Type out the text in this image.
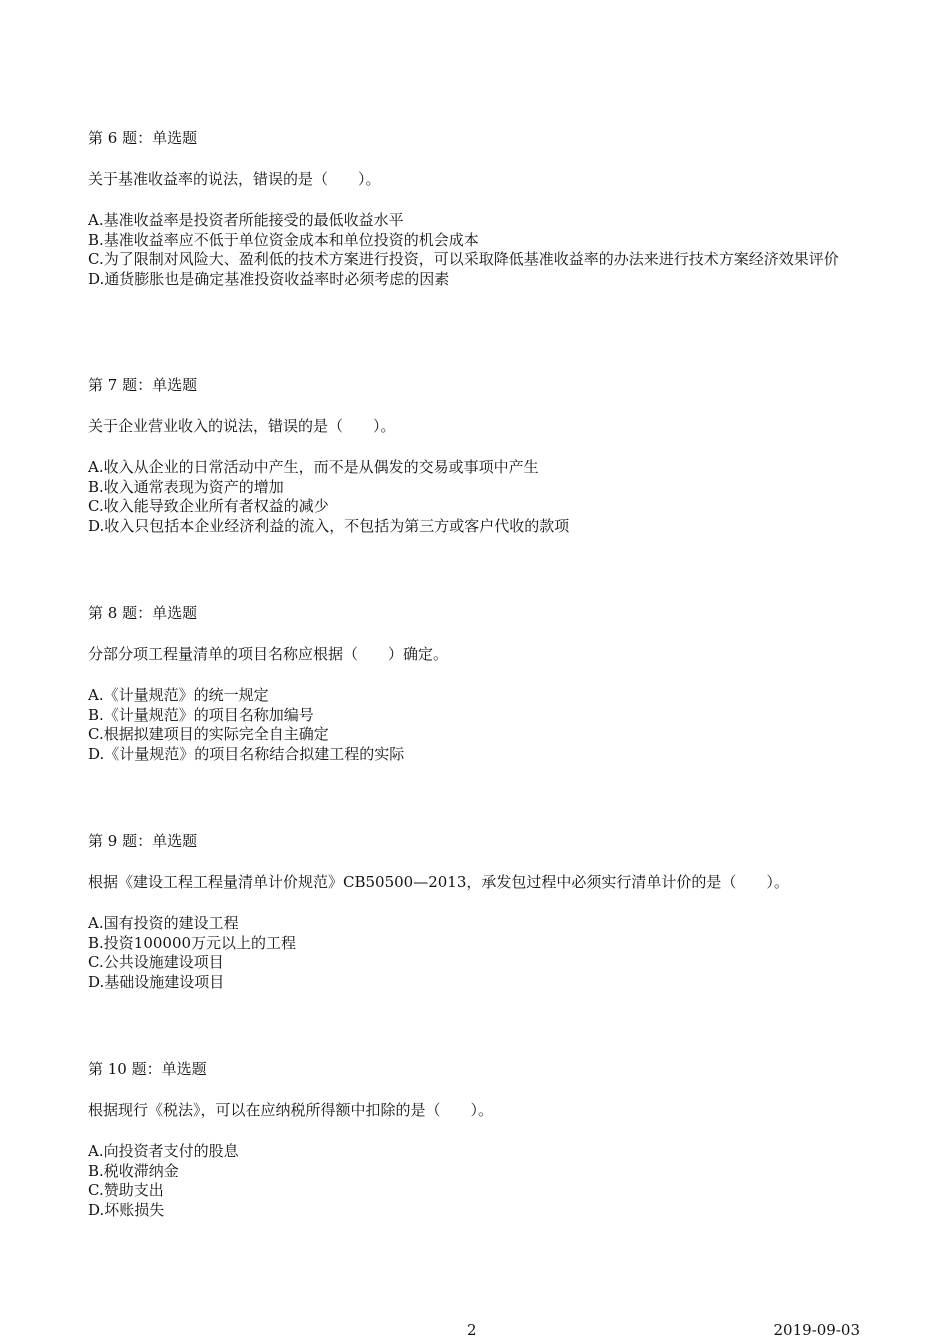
第 6 题：单选题
关于基准收益率的说法，错误的是（　　）。
A.基准收益率是投资者所能接受的最低收益水平
B.基准收益率应不低于单位资金成本和单位投资的机会成本
C.为了限制对风险大、盈利低的技术方案进行投资，可以采取降低基准收益率的办法来进行技术方案经济效果评价
D.通货膨胀也是确定基准投资收益率时必须考虑的因素
第 7 题：单选题
关于企业营业收入的说法，错误的是（　　）。
A.收入从企业的日常活动中产生，而不是从偶发的交易或事项中产生
B.收入通常表现为资产的增加
C.收入能导致企业所有者权益的减少
D.收入只包括本企业经济利益的流入，不包括为第三方或客户代收的款项
第 8 题：单选题
分部分项工程量清单的项目名称应根据（　　）确定。
A.《计量规范》的统一规定
B.《计量规范》的项目名称加编号
C.根据拟建项目的实际完全自主确定
D.《计量规范》的项目名称结合拟建工程的实际
第 9 题：单选题
根据《建设工程工程量清单计价规范》CB50500—2013，承发包过程中必须实行清单计价的是（　　）。
A.国有投资的建设工程
B.投资100000万元以上的工程
C.公共设施建设项目
D.基础设施建设项目
第 10 题：单选题
根据现行《税法》，可以在应纳税所得额中扣除的是（　　）。
A.向投资者支付的股息
B.税收滞纳金
C.赞助支出
D.坏账损失
2	2019-09-03
